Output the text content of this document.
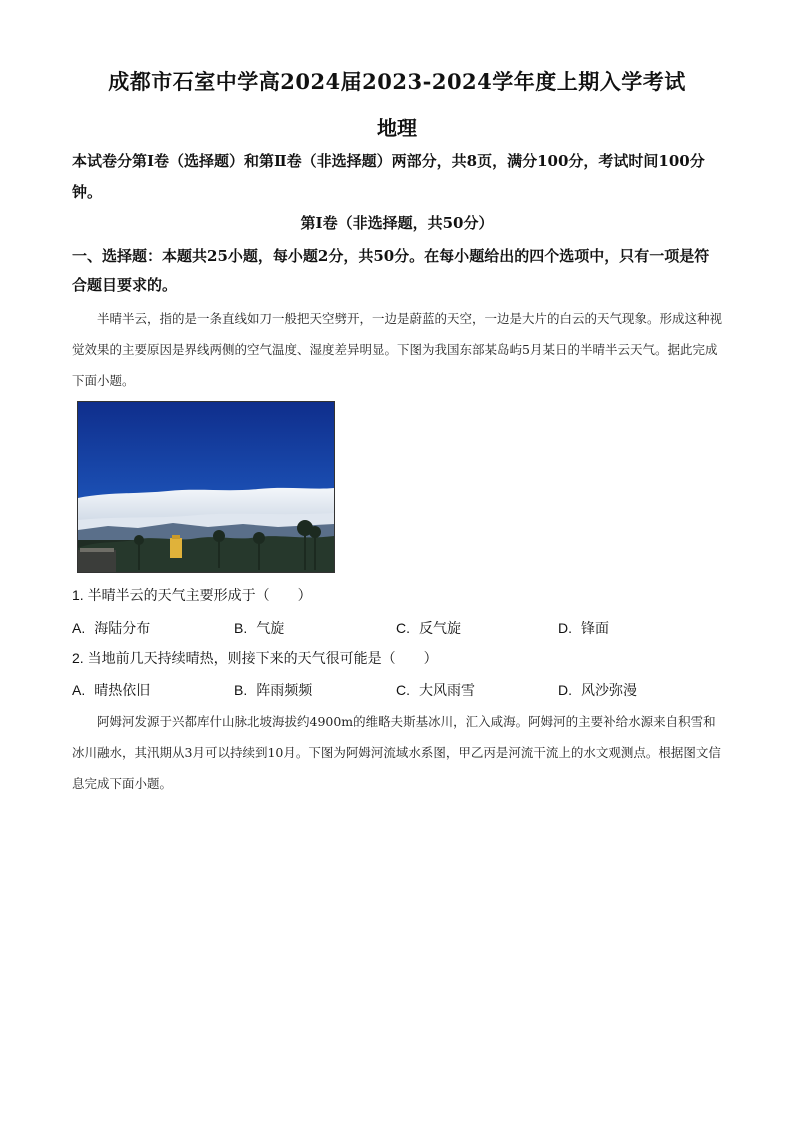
成都市石室中学高2024届2023-2024学年度上期入学考试
地理
本试卷分第Ⅰ卷（选择题）和第Ⅱ卷（非选择题）两部分，共8页，满分100分，考试时间100分钟。
第Ⅰ卷（非选择题，共50分）
一、选择题：本题共25小题，每小题2分，共50分。在每小题给出的四个选项中，只有一项是符合题目要求的。
半晴半云，指的是一条直线如刀一般把天空劈开，一边是蔚蓝的天空，一边是大片的白云的天气现象。形成这种视觉效果的主要原因是界线两侧的空气温度、湿度差异明显。下图为我国东部某岛屿5月某日的半晴半云天气。据此完成下面小题。
1. 半晴半云的天气主要形成于（　　）
A. 海陆分布	B. 气旋	C. 反气旋	D. 锋面
2. 当地前几天持续晴热，则接下来的天气很可能是（　　）
A. 晴热依旧	B. 阵雨频频	C. 大风雨雪	D. 风沙弥漫
阿姆河发源于兴都库什山脉北坡海拔约4900m的维略夫斯基冰川，汇入咸海。阿姆河的主要补给水源来自积雪和冰川融水，其汛期从3月可以持续到10月。下图为阿姆河流域水系图，甲乙丙是河流干流上的水文观测点。根据图文信息完成下面小题。
